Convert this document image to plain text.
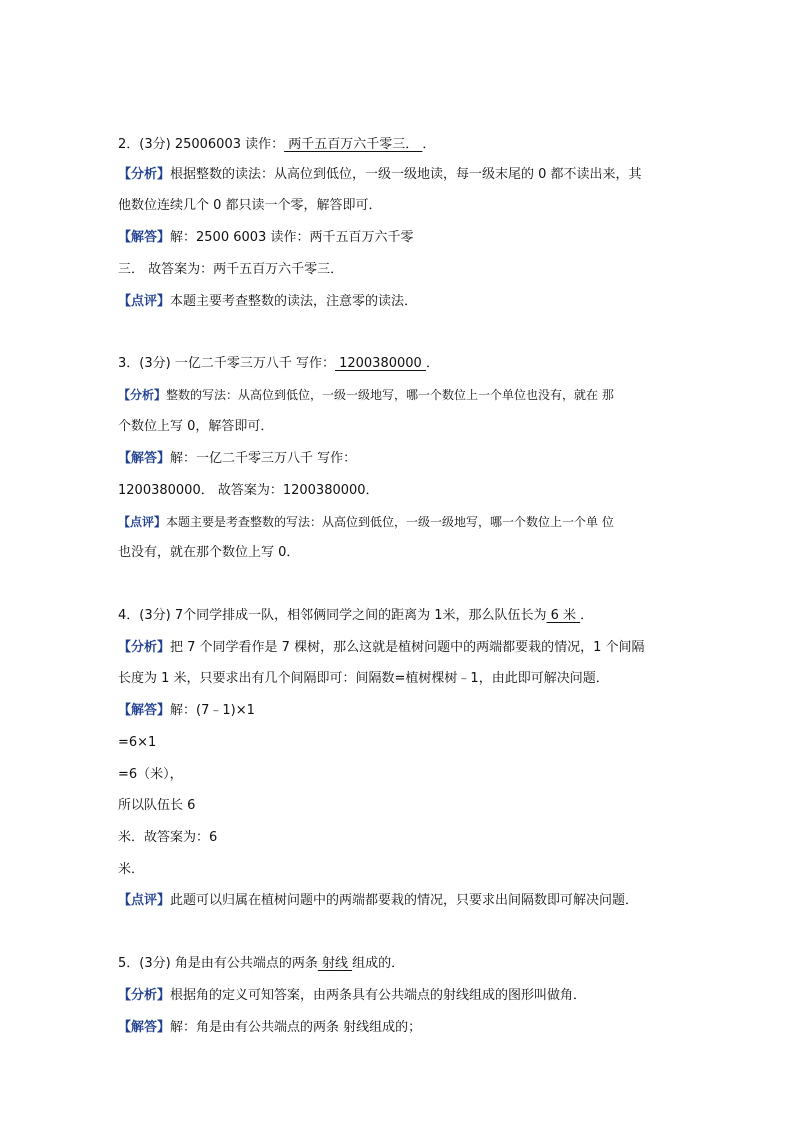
2．(3分) 25006003 读作： 两千五百万六千零三． ．
【分析】根据整数的读法：从高位到低位，一级一级地读，每一级末尾的 0 都不读出来，其
他数位连续几个 0 都只读一个零，解答即可．
【解答】解：2500 6003 读作：两千五百万六千零
三． 故答案为：两千五百万六千零三．
【点评】本题主要考查整数的读法，注意零的读法．
3．(3分) 一亿二千零三万八千 写作： 1200380000 ．
【分析】整数的写法：从高位到低位，一级一级地写，哪一个数位上一个单位也没有，就在 那
个数位上写 0，解答即可．
【解答】解：一亿二千零三万八千 写作：
1200380000． 故答案为：1200380000．
【点评】本题主要是考查整数的写法：从高位到低位，一级一级地写，哪一个数位上一个单 位
也没有，就在那个数位上写 0．
4．(3分) 7个同学排成一队，相邻俩同学之间的距离为 1米，那么队伍长为 6 米 ．
【分析】把 7 个同学看作是 7 棵树，那么这就是植树问题中的两端都要栽的情况，1 个间隔
长度为 1 米，只要求出有几个间隔即可：间隔数=植树棵树﹣1，由此即可解决问题．
【解答】解：(7﹣1)×1
=6×1
=6（米），
所以队伍长 6
米．故答案为：6
米．
【点评】此题可以归属在植树问题中的两端都要栽的情况，只要求出间隔数即可解决问题．
5．(3分) 角是由有公共端点的两条 射线 组成的．
【分析】根据角的定义可知答案，由两条具有公共端点的射线组成的图形叫做角．
【解答】解：角是由有公共端点的两条 射线组成的；
